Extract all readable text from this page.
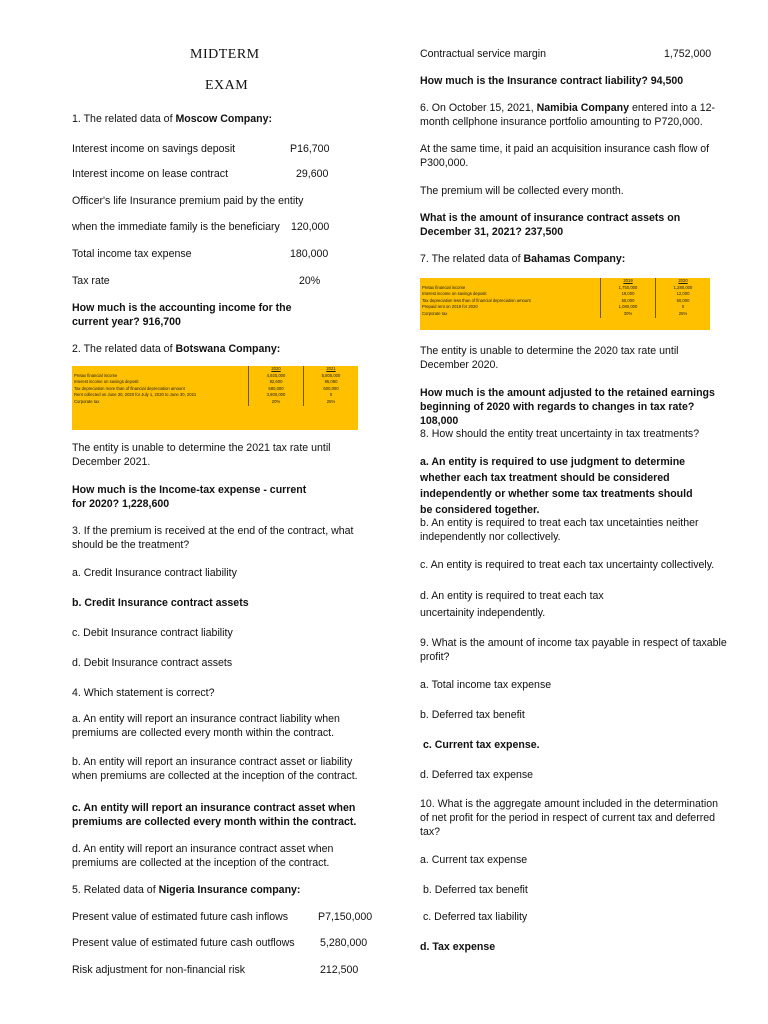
MIDTERM
EXAM
1. The related data of Moscow Company:
Interest income on savings deposit	P16,700
Interest income on lease contract	29,600
Officer's life Insurance premium paid by the entity
when the immediate family is the beneficiary 120,000
Total income tax expense	180,000
Tax rate	20%
How much is the accounting income for the current year? 916,700
2. The related data of Botswana Company:
	2020	2021
Pretax financial income	4,925,000	5,805,000
Interest income on savings deposit	82,600	95,080
Tax depreciation more than of financial depreciation amount	580,000	600,000
Rent collected on June 30, 2020 for July 1, 2020 to June 30, 2021	3,600,000	0
Corporate tax	20%	25%
The entity is unable to determine the 2021 tax rate until December 2021.
How much is the Income-tax expense - current for 2020? 1,228,600
3. If the premium is received at the end of the contract, what should be the treatment?
a. Credit Insurance contract liability
b. Credit Insurance contract assets
c. Debit Insurance contract liability
d. Debit Insurance contract assets
4. Which statement is correct?
a. An entity will report an insurance contract liability when premiums are collected every month within the contract.
b. An entity will report an insurance contract asset or liability when premiums are collected at the inception of the contract.
c. An entity will report an insurance contract asset when premiums are collected every month within the contract.
d. An entity will report an insurance contract asset when premiums are collected at the inception of the contract.
5. Related data of Nigeria Insurance company:
Present value of estimated future cash inflows	P7,150,000
Present value of estimated future cash outflows 5,280,000
Risk adjustment for non-financial risk	212,500
Contractual service margin	1,752,000
How much is the Insurance contract liability? 94,500
6. On October 15, 2021, Namibia Company entered into a 12-month cellphone insurance portfolio amounting to P720,000.
At the same time, it paid an acquisition insurance cash flow of P300,000.
The premium will be collected every month.
What is the amount of insurance contract assets on December 31, 2021? 237,500
7. The related data of Bahamas Company:
	2019	2020
Pretax financial income	1,750,000	1,280,000
Interest income on savings deposit	19,000	12,000
Tax depreciation less than of financial depreciation amount	50,000	50,000
Prepaid rent on 2019 for 2020	1,080,000	0
Corporate tax	30%	25%
The entity is unable to determine the 2020 tax rate until December 2020.
How much is the amount adjusted to the retained earnings beginning of 2020 with regards to changes in tax rate? 108,000
8. How should the entity treat uncertainty in tax treatments?
a. An entity is required to use judgment to determine whether each tax treatment should be considered independently or whether some tax treatments should be considered together.
b. An entity is required to treat each tax uncetainties neither independently nor collectively.
c. An entity is required to treat each tax uncertainty collectively.
d. An entity is required to treat each tax uncertainity independently.
9. What is the amount of income tax payable in respect of taxable profit?
a. Total income tax expense
b. Deferred tax benefit
c. Current tax expense.
d. Deferred tax expense
10. What is the aggregate amount included in the determination of net profit for the period in respect of current tax and deferred tax?
a. Current tax expense
b. Deferred tax benefit
c. Deferred tax liability
d. Tax expense
